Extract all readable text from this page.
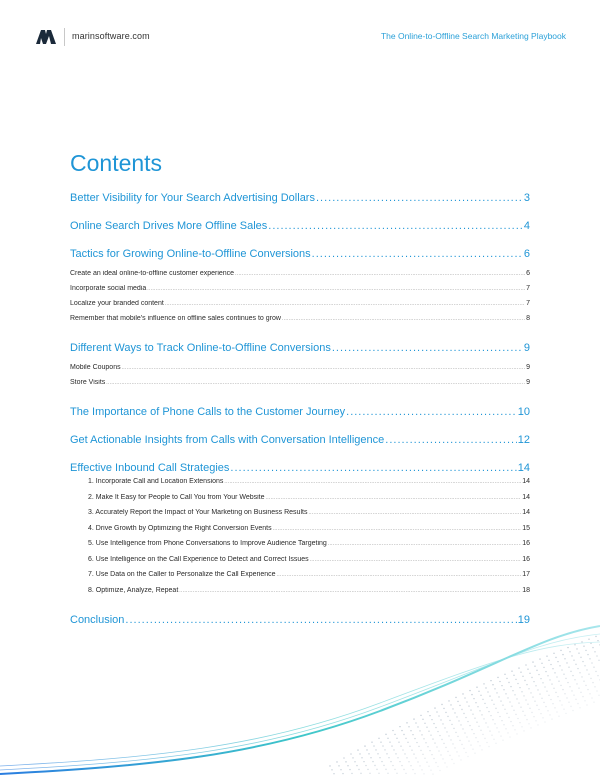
marinsoftware.com	The Online-to-Offline Search Marketing Playbook
Contents
Better Visibility for Your Search Advertising Dollars .....	3
Online Search Drives More Offline Sales .....	4
Tactics for Growing Online-to-Offline Conversions .....	6
Create an ideal online-to-offline customer experience .....	6
Incorporate social media .....	7
Localize your branded content .....	7
Remember that mobile's influence on offline sales continues to grow .....	8
Different Ways to Track Online-to-Offline Conversions .....	9
Mobile Coupons .....	9
Store Visits .....	9
The Importance of Phone Calls to the Customer Journey .....	10
Get Actionable Insights from Calls with Conversation Intelligence .....	12
Effective Inbound Call Strategies .....	14
1. Incorporate Call and Location Extensions .....	14
2. Make It Easy for People to Call You from Your Website .....	14
3. Accurately Report the Impact of Your Marketing on Business Results .....	14
4. Drive Growth by Optimizing the Right Conversion Events .....	15
5. Use Intelligence from Phone Conversations to Improve Audience Targeting .....	16
6. Use Intelligence on the Call Experience to Detect and Correct Issues .....	16
7. Use Data on the Caller to Personalize the Call Experience .....	17
8. Optimize, Analyze, Repeat .....	18
Conclusion .....	19
